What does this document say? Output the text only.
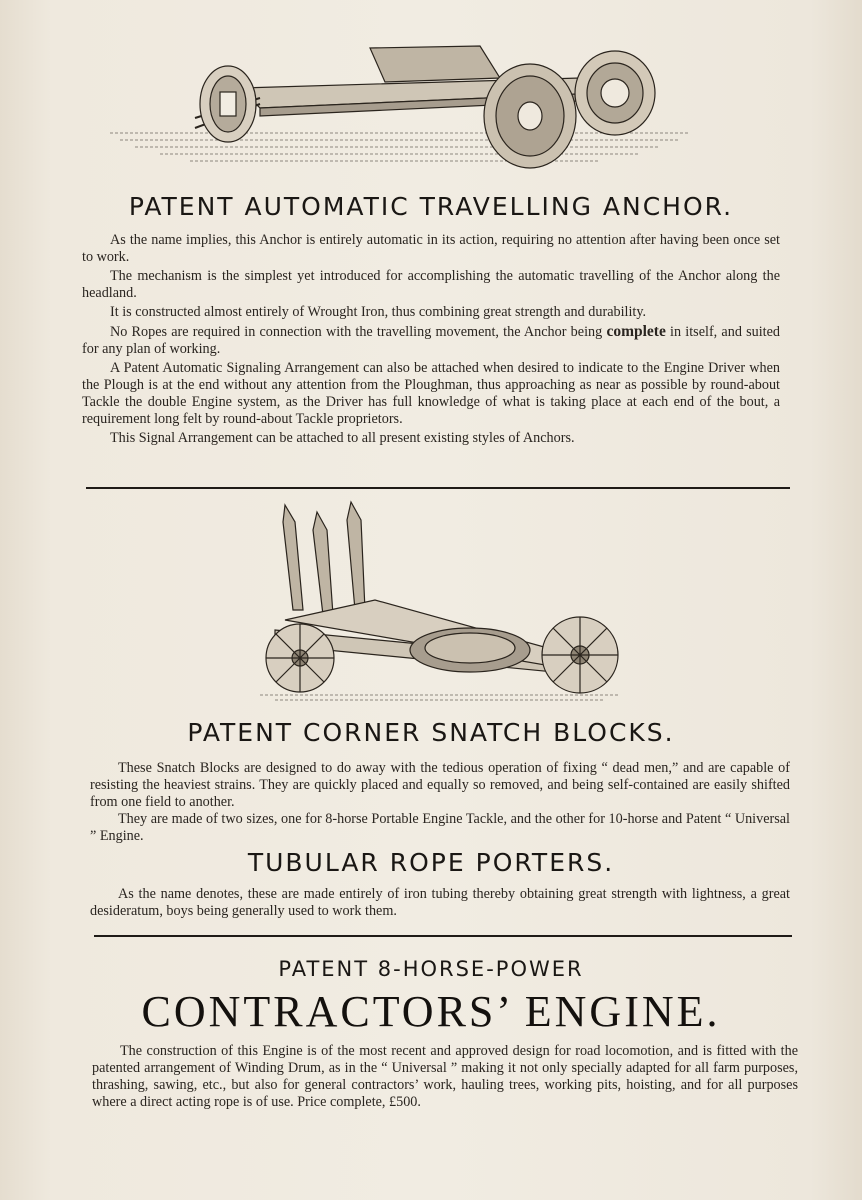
PATENT AUTOMATIC TRAVELLING ANCHOR.

As the name implies, this Anchor is entirely automatic in its action, requiring no attention after having been once set to work.

The mechanism is the simplest yet introduced for accomplishing the automatic travelling of the Anchor along the headland.

It is constructed almost entirely of Wrought Iron, thus combining great strength and durability.

No Ropes are required in connection with the travelling movement, the Anchor being complete in itself, and suited for any plan of working.

A Patent Automatic Signaling Arrangement can also be attached when desired to indicate to the Engine Driver when the Plough is at the end without any attention from the Ploughman, thus approaching as near as possible by round-about Tackle the double Engine system, as the Driver has full knowledge of what is taking place at each end of the bout, a requirement long felt by round-about Tackle proprietors.

This Signal Arrangement can be attached to all present existing styles of Anchors.

PATENT CORNER SNATCH BLOCKS.

These Snatch Blocks are designed to do away with the tedious operation of fixing “ dead men,” and are capable of resisting the heaviest strains. They are quickly placed and equally so removed, and being self-contained are easily shifted from one field to another.

They are made of two sizes, one for 8-horse Portable Engine Tackle, and the other for 10-horse and Patent “ Universal ” Engine.

TUBULAR ROPE PORTERS.

As the name denotes, these are made entirely of iron tubing thereby obtaining great strength with lightness, a great desideratum, boys being generally used to work them.

PATENT 8-HORSE-POWER
CONTRACTORS’ ENGINE.

The construction of this Engine is of the most recent and approved design for road locomotion, and is fitted with the patented arrangement of Winding Drum, as in the “ Universal ” making it not only specially adapted for all farm purposes, thrashing, sawing, etc., but also for general contractors’ work, hauling trees, working pits, hoisting, and for all purposes where a direct acting rope is of use. Price complete, £500.
